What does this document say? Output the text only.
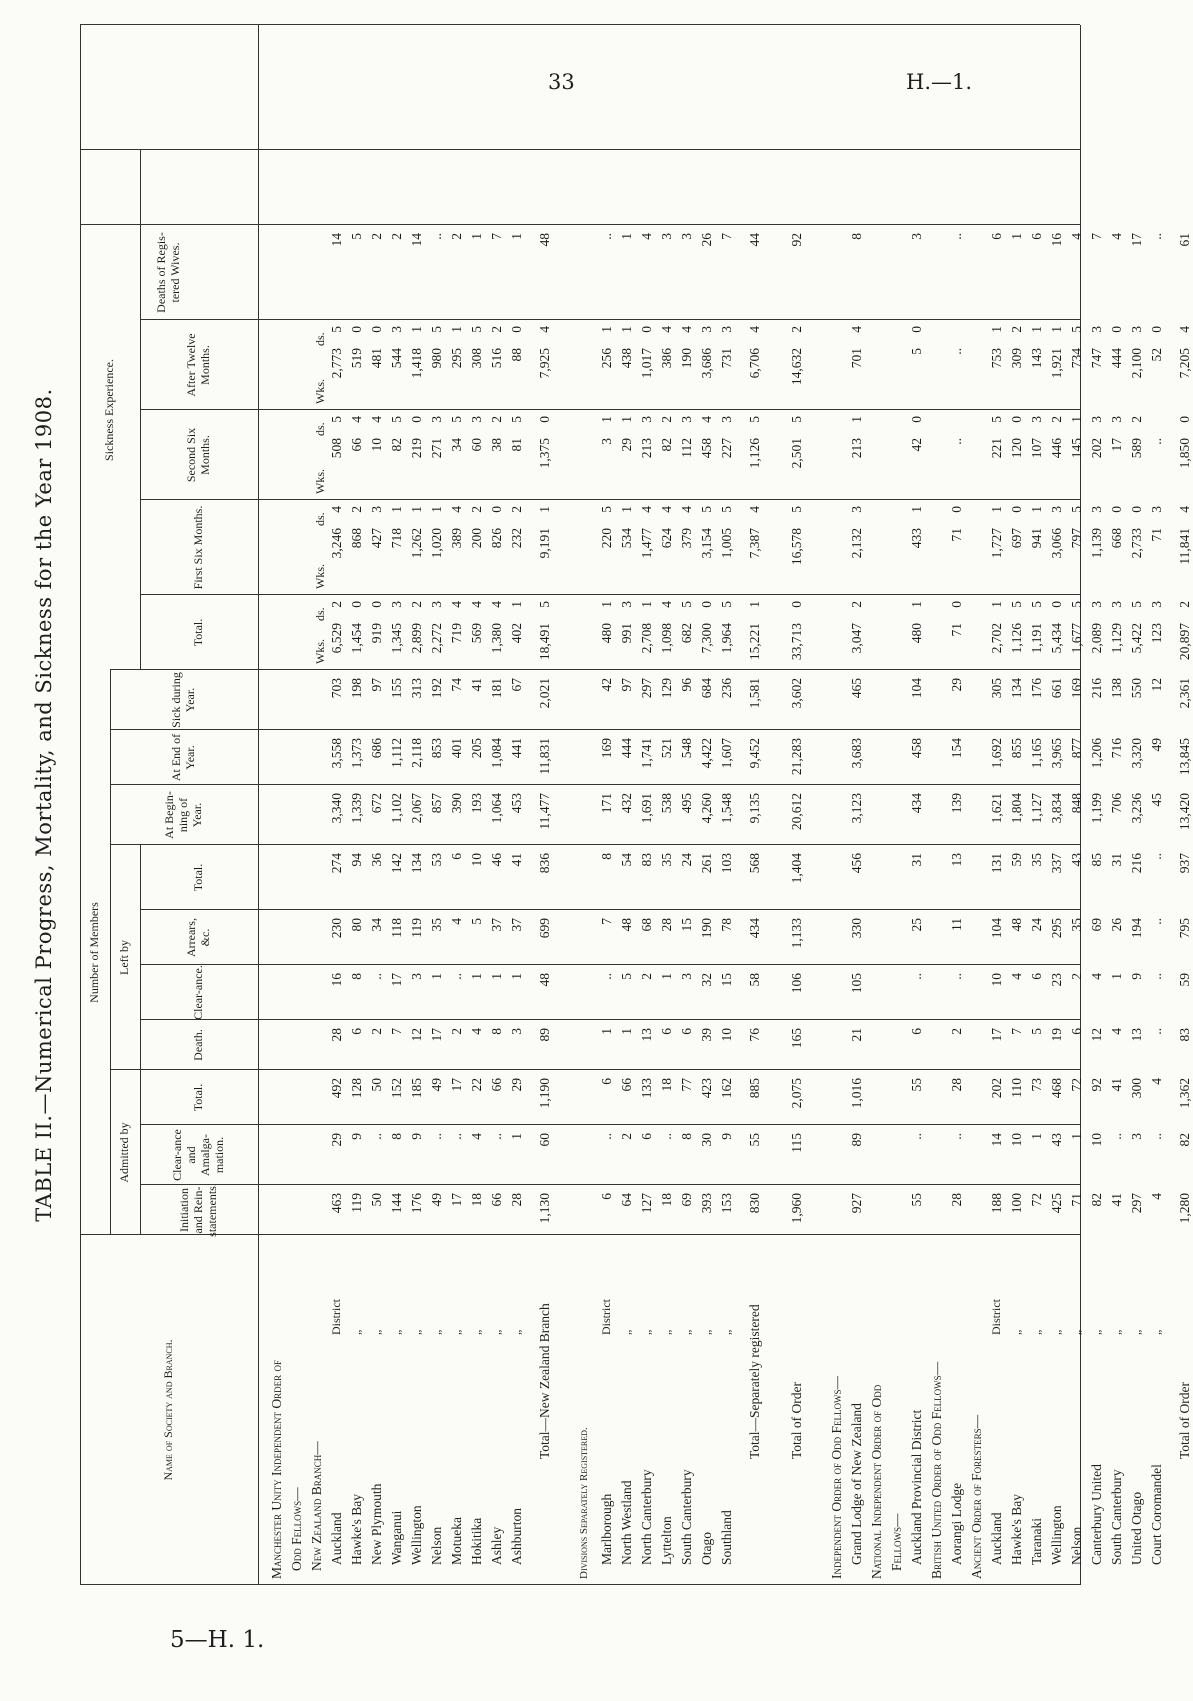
33	H.—1.
5—H. 1.
TABLE II.—Numerical Progress, Mortality, and Sickness for the Year 1908.
Name of Society and Branch.
Number of Members
Admitted by
Left by
Sickness Experience.
Initiation and Rein-statements.
Clear-ance and Amalga-mation.
Total.
Death.
Clear-ance.
Arrears, &c.
Total.
At Begin-ning of Year.
At End of Year.
Sick during Year.
Total.
First Six Months.
Second Six Months.
After Twelve Months.
Deaths of Regis-tered Wives.
Manchester Unity Independent Order of Odd Fellows— New Zealand Branch— Auckland
District
Wks.
ds.
Wks.
ds.
Wks.
ds.
Wks.
ds.
463
29
492
28
16
230
274
3,340
3,558
703
6,529
2
3,246
4
508
5
2,773
5
14
Hawke's Bay
„
119
9
128
6
8
80
94
1,339
1,373
198
1,454
0
868
2
66
4
519
0
5
New Plymouth
„
50
..
50
2
..
34
36
672
686
97
919
0
427
3
10
4
481
0
2
Wanganui
„
144
8
152
7
17
118
142
1,102
1,112
155
1,345
3
718
1
82
5
544
3
2
Wellington
„
176
9
185
12
3
119
134
2,067
2,118
313
2,899
2
1,262
1
219
0
1,418
1
14
Nelson
„
49
..
49
17
1
35
53
857
853
192
2,272
3
1,020
1
271
3
980
5
..
Motueka
„
17
..
17
2
..
4
6
390
401
74
719
4
389
4
34
5
295
1
2
Hokitika
„
18
4
22
4
1
5
10
193
205
41
569
4
200
2
60
3
308
5
1
Ashley
„
66
..
66
8
1
37
46
1,064
1,084
181
1,380
4
826
0
38
2
516
2
7
Ashburton
„
28
1
29
3
1
37
41
453
441
67
402
1
232
2
81
5
88
0
1
Total—New Zealand Branch
1,130
60
1,190
89
48
699
836
11,477
11,831
2,021
18,491
5
9,191
1
1,375
0
7,925
4
48
Divisions Separately Registered. Marlborough
District
6
..
6
1
..
7
8
171
169
42
480
1
220
5
3
1
256
1
..
North Westland
„
64
2
66
1
5
48
54
432
444
97
991
3
534
1
29
1
438
1
1
North Canterbury
„
127
6
133
13
2
68
83
1,691
1,741
297
2,708
1
1,477
4
213
3
1,017
0
4
Lyttelton
„
18
..
18
6
1
28
35
538
521
129
1,098
4
624
4
82
2
386
4
3
South Canterbury
„
69
8
77
6
3
15
24
495
548
96
682
5
379
4
112
3
190
4
3
Otago
„
393
30
423
39
32
190
261
4,260
4,422
684
7,300
0
3,154
5
458
4
3,686
3
26
Southland
„
153
9
162
10
15
78
103
1,548
1,607
236
1,964
5
1,005
5
227
3
731
3
7
Total—Separately registered
830
55
885
76
58
434
568
9,135
9,452
1,581
15,221
1
7,387
4
1,126
5
6,706
4
44
Total of Order
1,960
115
2,075
165
106
1,133
1,404
20,612
21,283
3,602
33,713
0
16,578
5
2,501
5
14,632
2
92
Independent Order of Odd Fellows— Grand Lodge of New Zealand
927
89
1,016
21
105
330
456
3,123
3,683
465
3,047
2
2,132
3
213
1
701
4
8
National Independent Order of Odd Fellows— Auckland Provincial District
55
..
55
6
..
25
31
434
458
104
480
1
433
1
42
0
5
0
3
British United Order of Odd Fellows— Aorangi Lodge
28
..
28
2
..
11
13
139
154
29
71
0
71
0
..
..
..
Ancient Order of Foresters— Auckland
District
188
14
202
17
10
104
131
1,621
1,692
305
2,702
1
1,727
1
221
5
753
1
6
Hawke's Bay
„
100
10
110
7
4
48
59
1,804
855
134
1,126
5
697
0
120
0
309
2
1
Taranaki
„
72
1
73
5
6
24
35
1,127
1,165
176
1,191
5
941
1
107
3
143
1
6
Wellington
„
425
43
468
19
23
295
337
3,834
3,965
661
5,434
0
3,066
3
446
2
1,921
1
16
Nelson
„
71
1
72
6
2
35
43
848
877
169
1,677
5
797
5
145
1
734
5
4
Canterbury United
„
82
10
92
12
4
69
85
1,199
1,206
216
2,089
3
1,139
3
202
3
747
3
7
South Canterbury
„
41
..
41
4
1
26
31
706
716
138
1,129
3
668
0
17
3
444
0
4
United Otago
„
297
3
300
13
9
194
216
3,236
3,320
550
5,422
5
2,733
0
589
2
2,100
3
17
Court Coromandel
„
4
..
4
..
..
..
..
45
49
12
123
3
71
3
..
52
0
..
Total of Order
1,280
82
1,362
83
59
795
937
13,420
13,845
2,361
20,897
2
11,841
4
1,850
0
7,205
4
61
